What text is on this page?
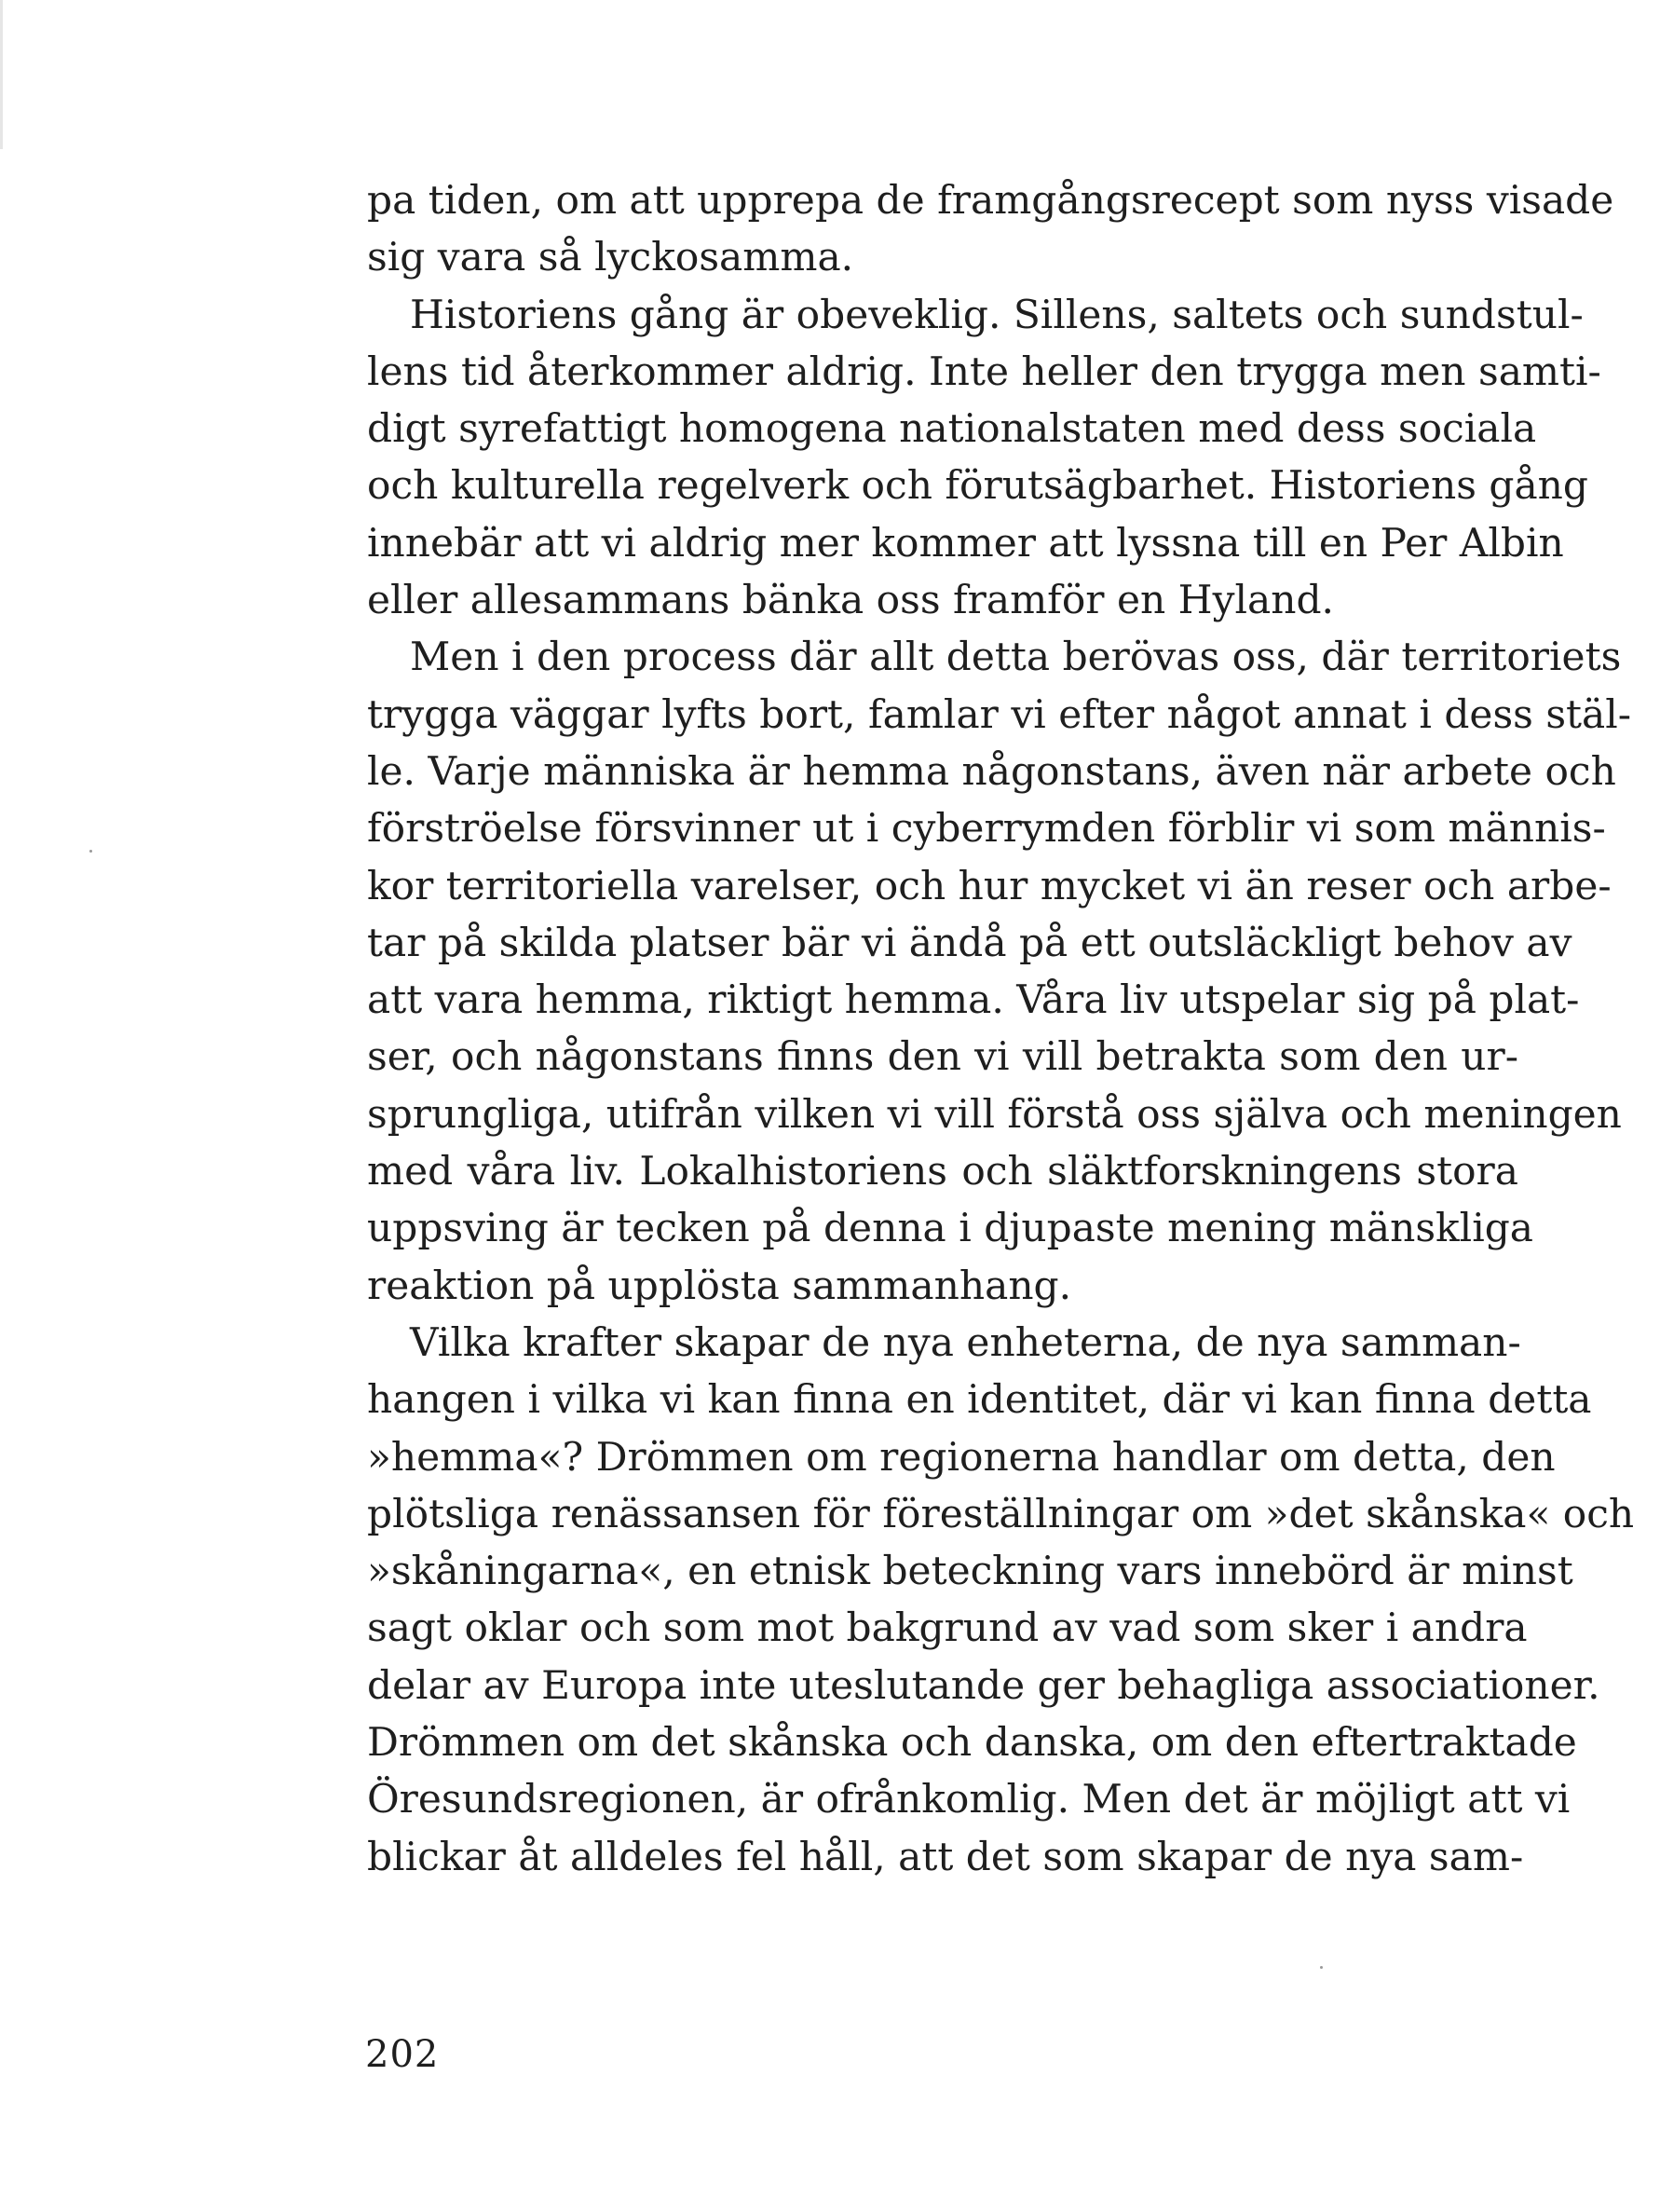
pa tiden, om att upprepa de framgångsrecept som nyss visade
sig vara så lyckosamma.
Historiens gång är obeveklig. Sillens, saltets och sundstul-
lens tid återkommer aldrig. Inte heller den trygga men samti-
digt syrefattigt homogena nationalstaten med dess sociala
och kulturella regelverk och förutsägbarhet. Historiens gång
innebär att vi aldrig mer kommer att lyssna till en Per Albin
eller allesammans bänka oss framför en Hyland.
Men i den process där allt detta berövas oss, där territoriets
trygga väggar lyfts bort, famlar vi efter något annat i dess stäl-
le. Varje människa är hemma någonstans, även när arbete och
förströelse försvinner ut i cyberrymden förblir vi som männis-
kor territoriella varelser, och hur mycket vi än reser och arbe-
tar på skilda platser bär vi ändå på ett outsläckligt behov av
att vara hemma, riktigt hemma. Våra liv utspelar sig på plat-
ser, och någonstans finns den vi vill betrakta som den ur-
sprungliga, utifrån vilken vi vill förstå oss själva och meningen
med våra liv. Lokalhistoriens och släktforskningens stora
uppsving är tecken på denna i djupaste mening mänskliga
reaktion på upplösta sammanhang.
Vilka krafter skapar de nya enheterna, de nya samman-
hangen i vilka vi kan finna en identitet, där vi kan finna detta
»hemma«? Drömmen om regionerna handlar om detta, den
plötsliga renässansen för föreställningar om »det skånska« och
»skåningarna«, en etnisk beteckning vars innebörd är minst
sagt oklar och som mot bakgrund av vad som sker i andra
delar av Europa inte uteslutande ger behagliga associationer.
Drömmen om det skånska och danska, om den eftertraktade
Öresundsregionen, är ofrånkomlig. Men det är möjligt att vi
blickar åt alldeles fel håll, att det som skapar de nya sam-
202
